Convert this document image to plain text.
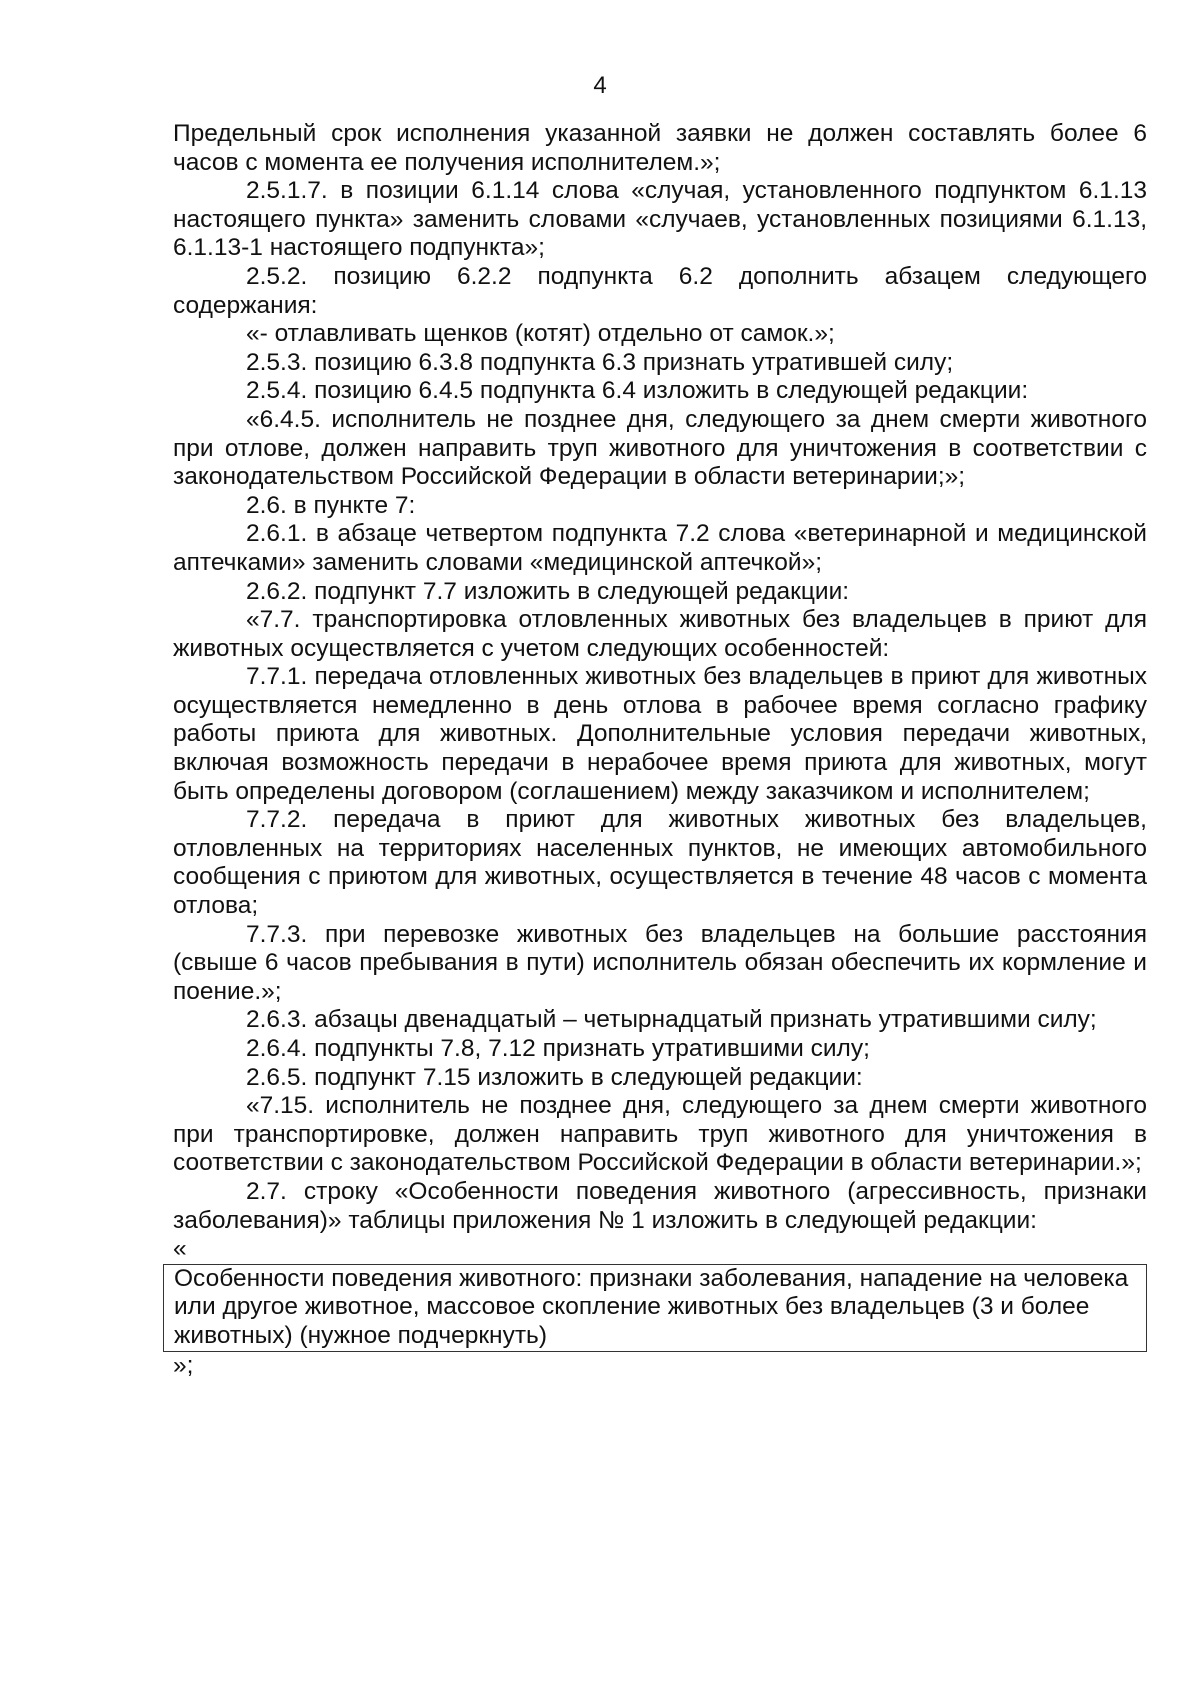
4

Предельный срок исполнения указанной заявки не должен составлять более 6 часов с момента ее получения исполнителем.»;

2.5.1.7. в позиции 6.1.14 слова «случая, установленного подпунктом 6.1.13 настоящего пункта» заменить словами «случаев, установленных позициями 6.1.13, 6.1.13-1 настоящего подпункта»;

2.5.2. позицию 6.2.2 подпункта 6.2 дополнить абзацем следующего содержания:

«- отлавливать щенков (котят) отдельно от самок.»;

2.5.3. позицию 6.3.8 подпункта 6.3 признать утратившей силу;

2.5.4. позицию 6.4.5 подпункта 6.4 изложить в следующей редакции:

«6.4.5. исполнитель не позднее дня, следующего за днем смерти животного при отлове, должен направить труп животного для уничтожения в соответствии с законодательством Российской Федерации в области ветеринарии;»;

2.6. в пункте 7:

2.6.1. в абзаце четвертом подпункта 7.2 слова «ветеринарной и медицинской аптечками» заменить словами «медицинской аптечкой»;

2.6.2. подпункт 7.7 изложить в следующей редакции:

«7.7. транспортировка отловленных животных без владельцев в приют для животных осуществляется с учетом следующих особенностей:

7.7.1. передача отловленных животных без владельцев в приют для животных осуществляется немедленно в день отлова в рабочее время согласно графику работы приюта для животных. Дополнительные условия передачи животных, включая возможность передачи в нерабочее время приюта для животных, могут быть определены договором (соглашением) между заказчиком и исполнителем;

7.7.2. передача в приют для животных животных без владельцев, отловленных на территориях населенных пунктов, не имеющих автомобильного сообщения с приютом для животных, осуществляется в течение 48 часов с момента отлова;

7.7.3. при перевозке животных без владельцев на большие расстояния (свыше 6 часов пребывания в пути) исполнитель обязан обеспечить их кормление и поение.»;

2.6.3. абзацы двенадцатый – четырнадцатый признать утратившими силу;

2.6.4. подпункты 7.8, 7.12 признать утратившими силу;

2.6.5. подпункт 7.15 изложить в следующей редакции:

«7.15. исполнитель не позднее дня, следующего за днем смерти животного при транспортировке, должен направить труп животного для уничтожения в соответствии с законодательством Российской Федерации в области ветеринарии.»;

2.7. строку «Особенности поведения животного (агрессивность, признаки заболевания)» таблицы приложения № 1 изложить в следующей редакции:

«

Особенности поведения животного: признаки заболевания, нападение на человека или другое животное, массовое скопление животных без владельцев (3 и более животных) (нужное подчеркнуть)

»;
